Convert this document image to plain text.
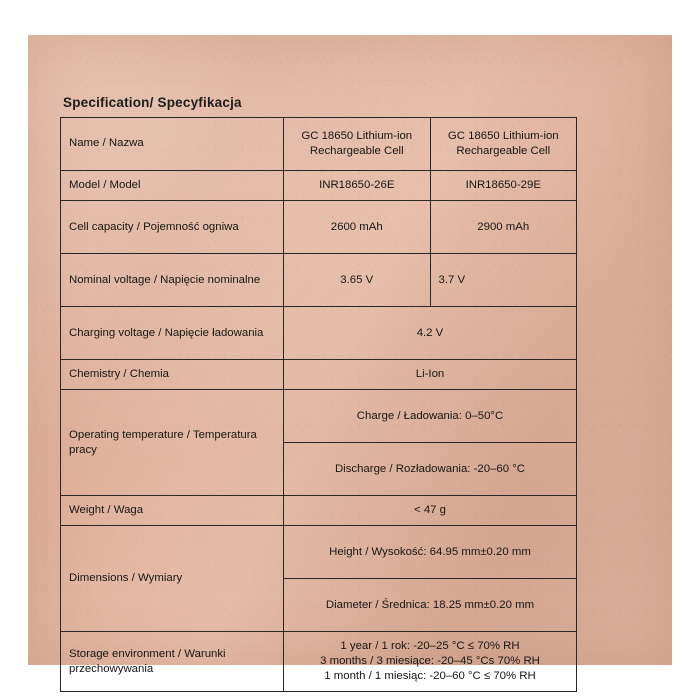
Specification/ Specyfikacja
Name / Nazwa	GC 18650 Lithium-ion Rechargeable Cell	GC 18650 Lithium-ion Rechargeable Cell
Model / Model	INR18650-26E	INR18650-29E
Cell capacity / Pojemność ogniwa	2600 mAh	2900 mAh
Nominal voltage / Napięcie nominalne	3.65 V	3.7 V
Charging voltage / Napięcie ładowania	4.2 V	
Chemistry / Chemia	Li-Ion	
Operating temperature / Temperatura pracy	Charge / Ładowania: 0–50°C	
	Discharge / Rozładowania: -20–60 °C	
Weight / Waga	< 47 g	
Dimensions / Wymiary	Height / Wysokość: 64.95 mm±0.20 mm	
	Diameter / Średnica: 18.25 mm±0.20 mm	
Storage environment / Warunki przechowywania	1 year / 1 rok: -20–25 °C ≤ 70% RH
3 months / 3 miesiące: -20–45 °Cs 70% RH
1 month / 1 miesiąc: -20–60 °C ≤ 70% RH	
